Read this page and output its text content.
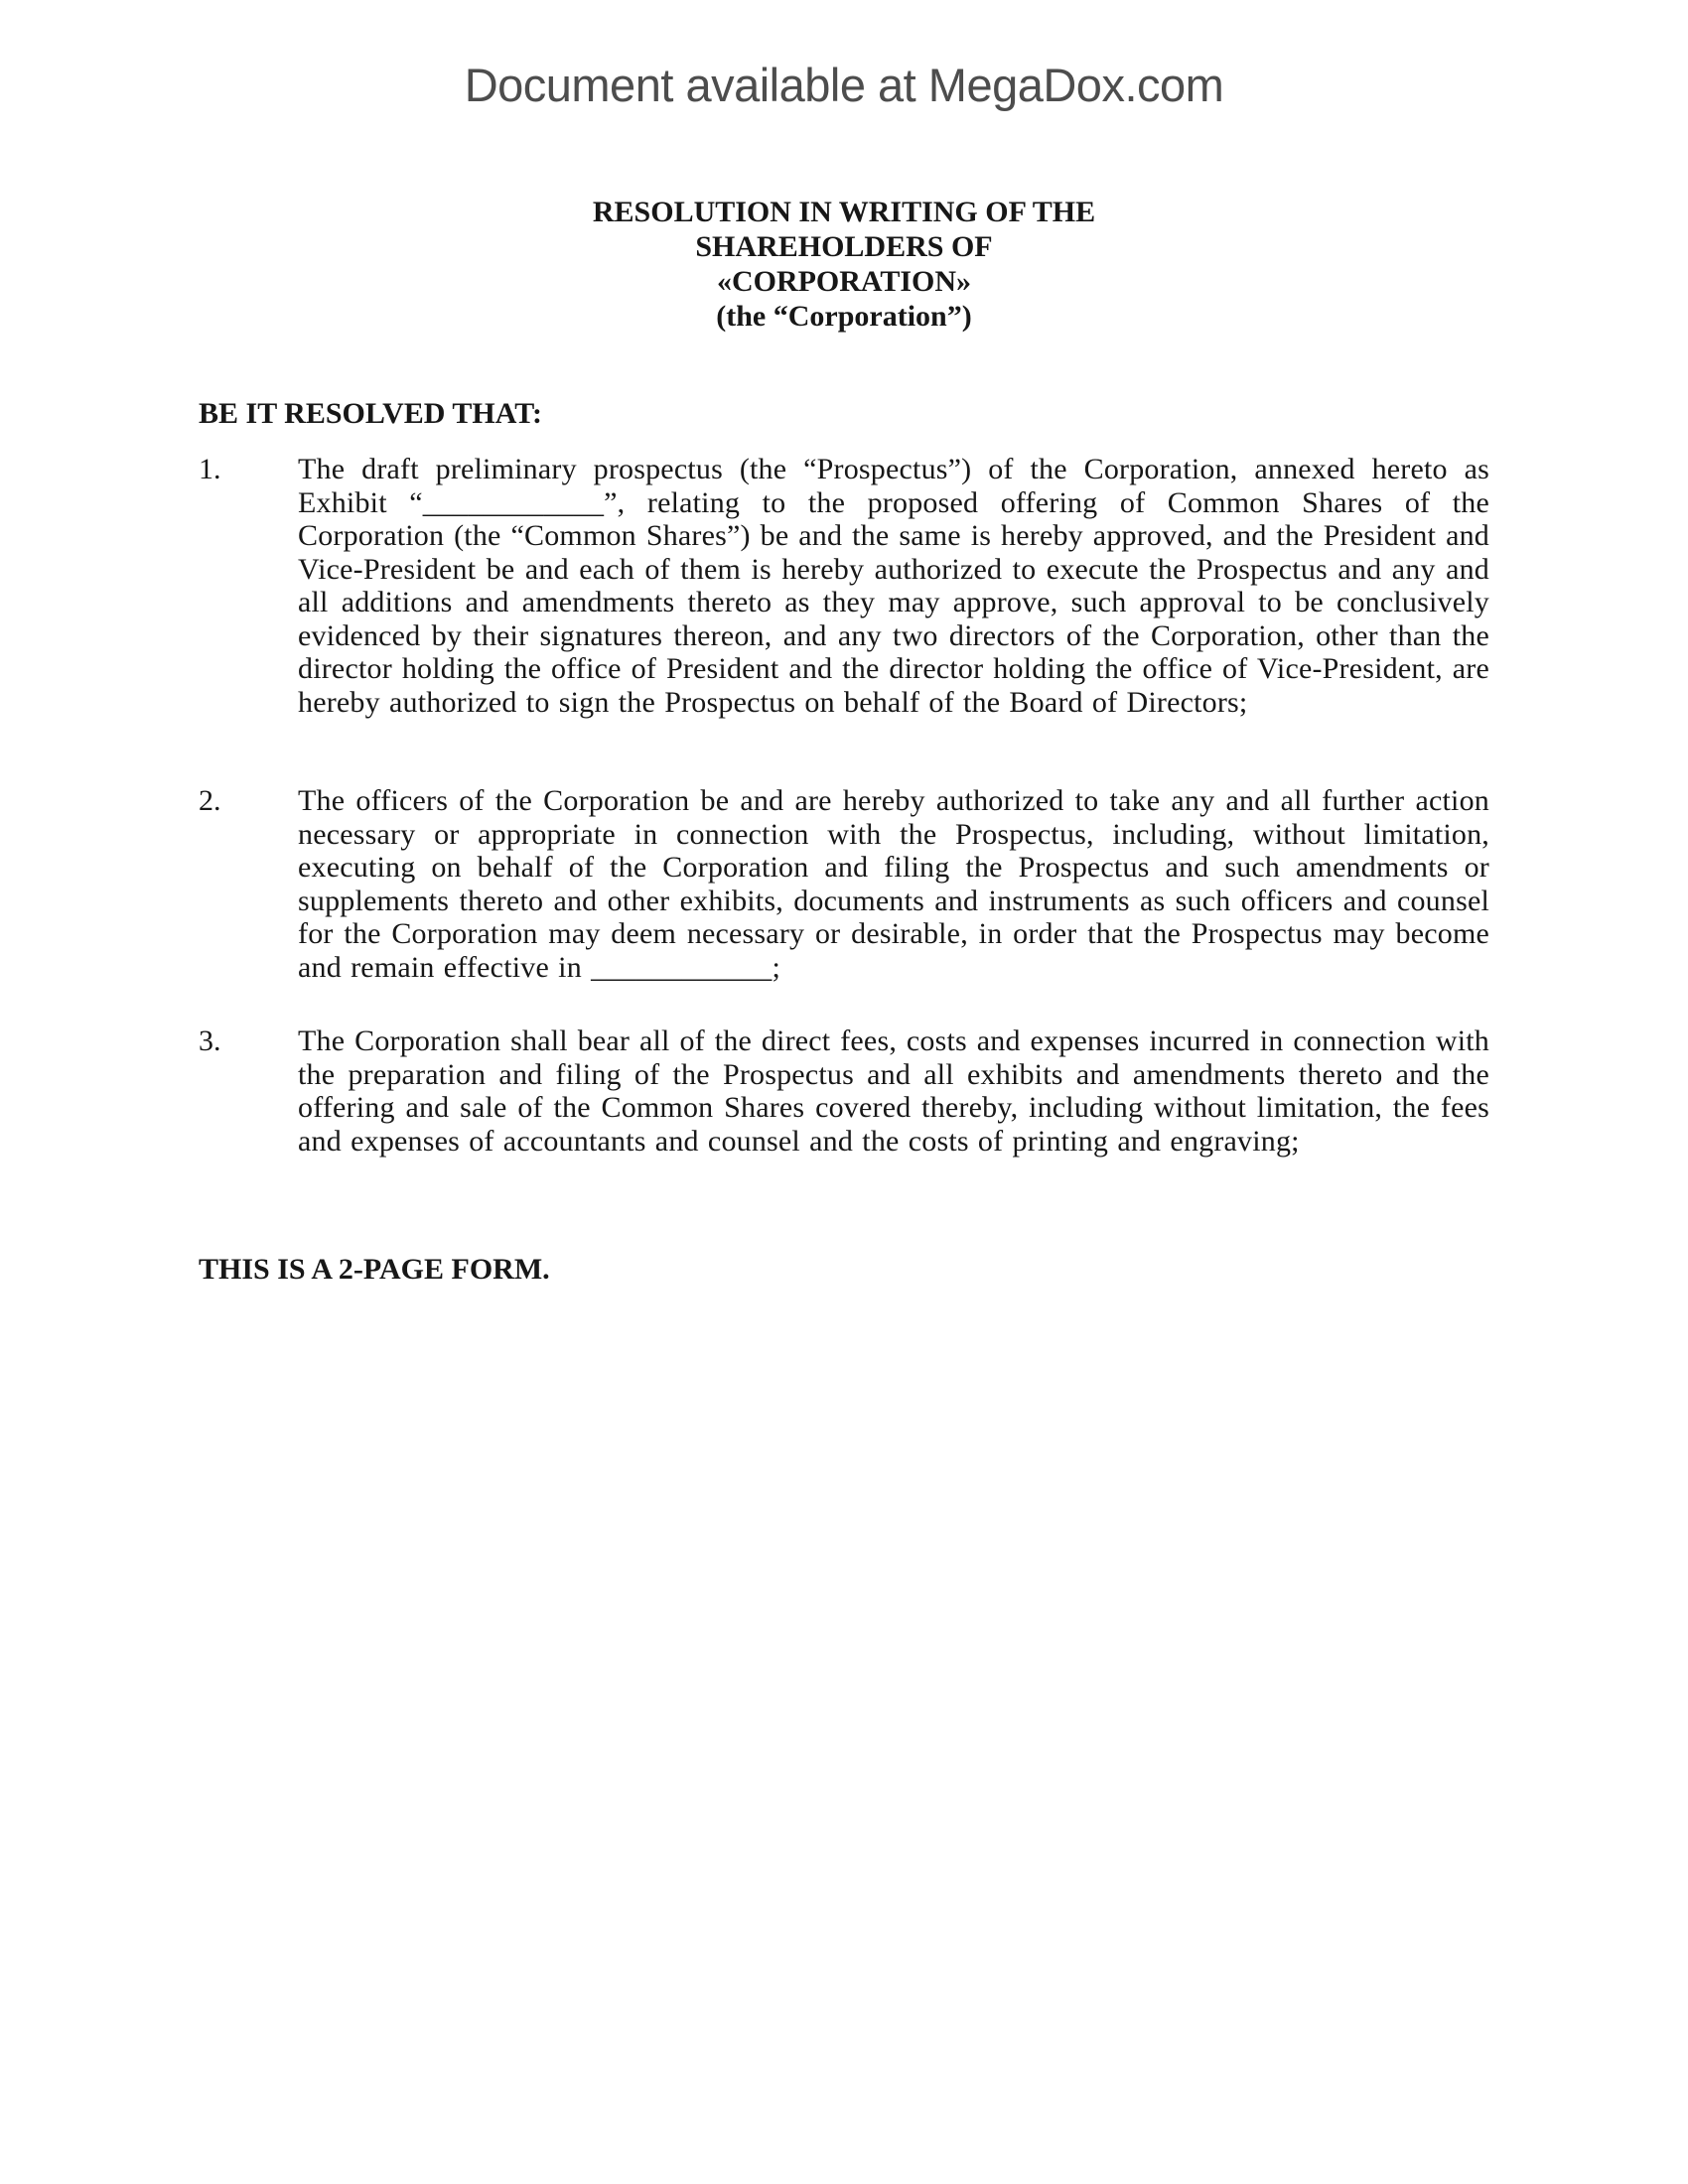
Document available at MegaDox.com
RESOLUTION IN WRITING OF THE
SHAREHOLDERS OF
«CORPORATION»
(the “Corporation”)
BE IT RESOLVED THAT:
1.	The draft preliminary prospectus (the “Prospectus”) of the Corporation, annexed hereto as Exhibit “____________”, relating to the proposed offering of Common Shares of the Corporation (the “Common Shares”) be and the same is hereby approved, and the President and Vice-President be and each of them is hereby authorized to execute the Prospectus and any and all additions and amendments thereto as they may approve, such approval to be conclusively evidenced by their signatures thereon, and any two directors of the Corporation, other than the director holding the office of President and the director holding the office of Vice-President, are hereby authorized to sign the Prospectus on behalf of the Board of Directors;
2.	The officers of the Corporation be and are hereby authorized to take any and all further action necessary or appropriate in connection with the Prospectus, including, without limitation, executing on behalf of the Corporation and filing the Prospectus and such amendments or supplements thereto and other exhibits, documents and instruments as such officers and counsel for the Corporation may deem necessary or desirable, in order that the Prospectus may become and remain effective in ____________;
3.	The Corporation shall bear all of the direct fees, costs and expenses incurred in connection with the preparation and filing of the Prospectus and all exhibits and amendments thereto and the offering and sale of the Common Shares covered thereby, including without limitation, the fees and expenses of accountants and counsel and the costs of printing and engraving;
THIS IS A 2-PAGE FORM.
